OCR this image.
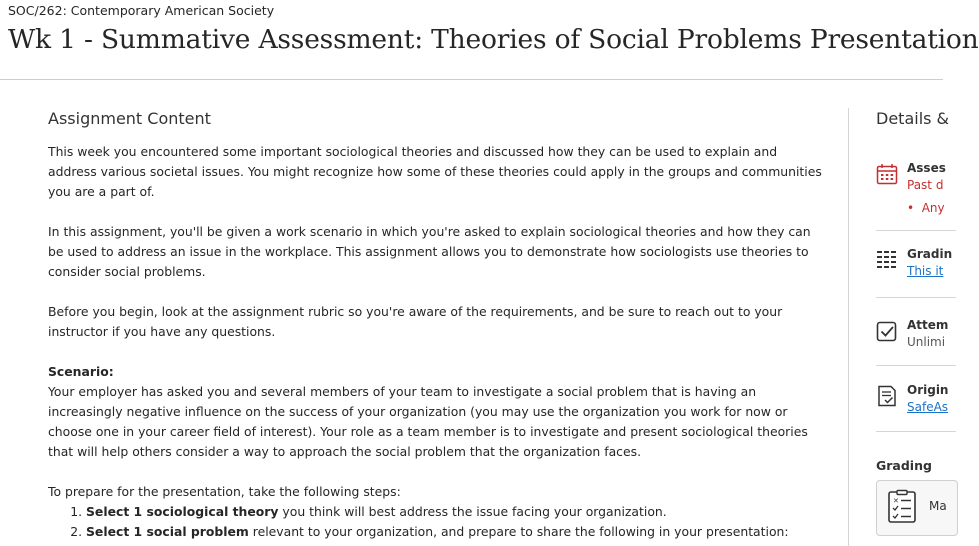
SOC/262: Contemporary American Society
Wk 1 - Summative Assessment: Theories of Social Problems Presentation
Assignment Content

This week you encountered some important sociological theories and discussed how they can be used to explain and address various societal issues. You might recognize how some of these theories could apply in the groups and communities you are a part of.

In this assignment, you'll be given a work scenario in which you're asked to explain sociological theories and how they can be used to address an issue in the workplace. This assignment allows you to demonstrate how sociologists use theories to consider social problems.

Before you begin, look at the assignment rubric so you're aware of the requirements, and be sure to reach out to your instructor if you have any questions.

Scenario:

Your employer has asked you and several members of your team to investigate a social problem that is having an increasingly negative influence on the success of your organization (you may use the organization you work for now or choose one in your career field of interest). Your role as a team member is to investigate and present sociological theories that will help others consider a way to approach the social problem that the organization faces.

To prepare for the presentation, take the following steps:
1. Select 1 sociological theory you think will best address the issue facing your organization.
2. Select 1 social problem relevant to your organization, and prepare to share the following in your presentation:
Details &
Asses
Past d
•  Any
Gradin
This it
Attem
Unlimi
Origin
SafeAs
Grading
✕	Ma
